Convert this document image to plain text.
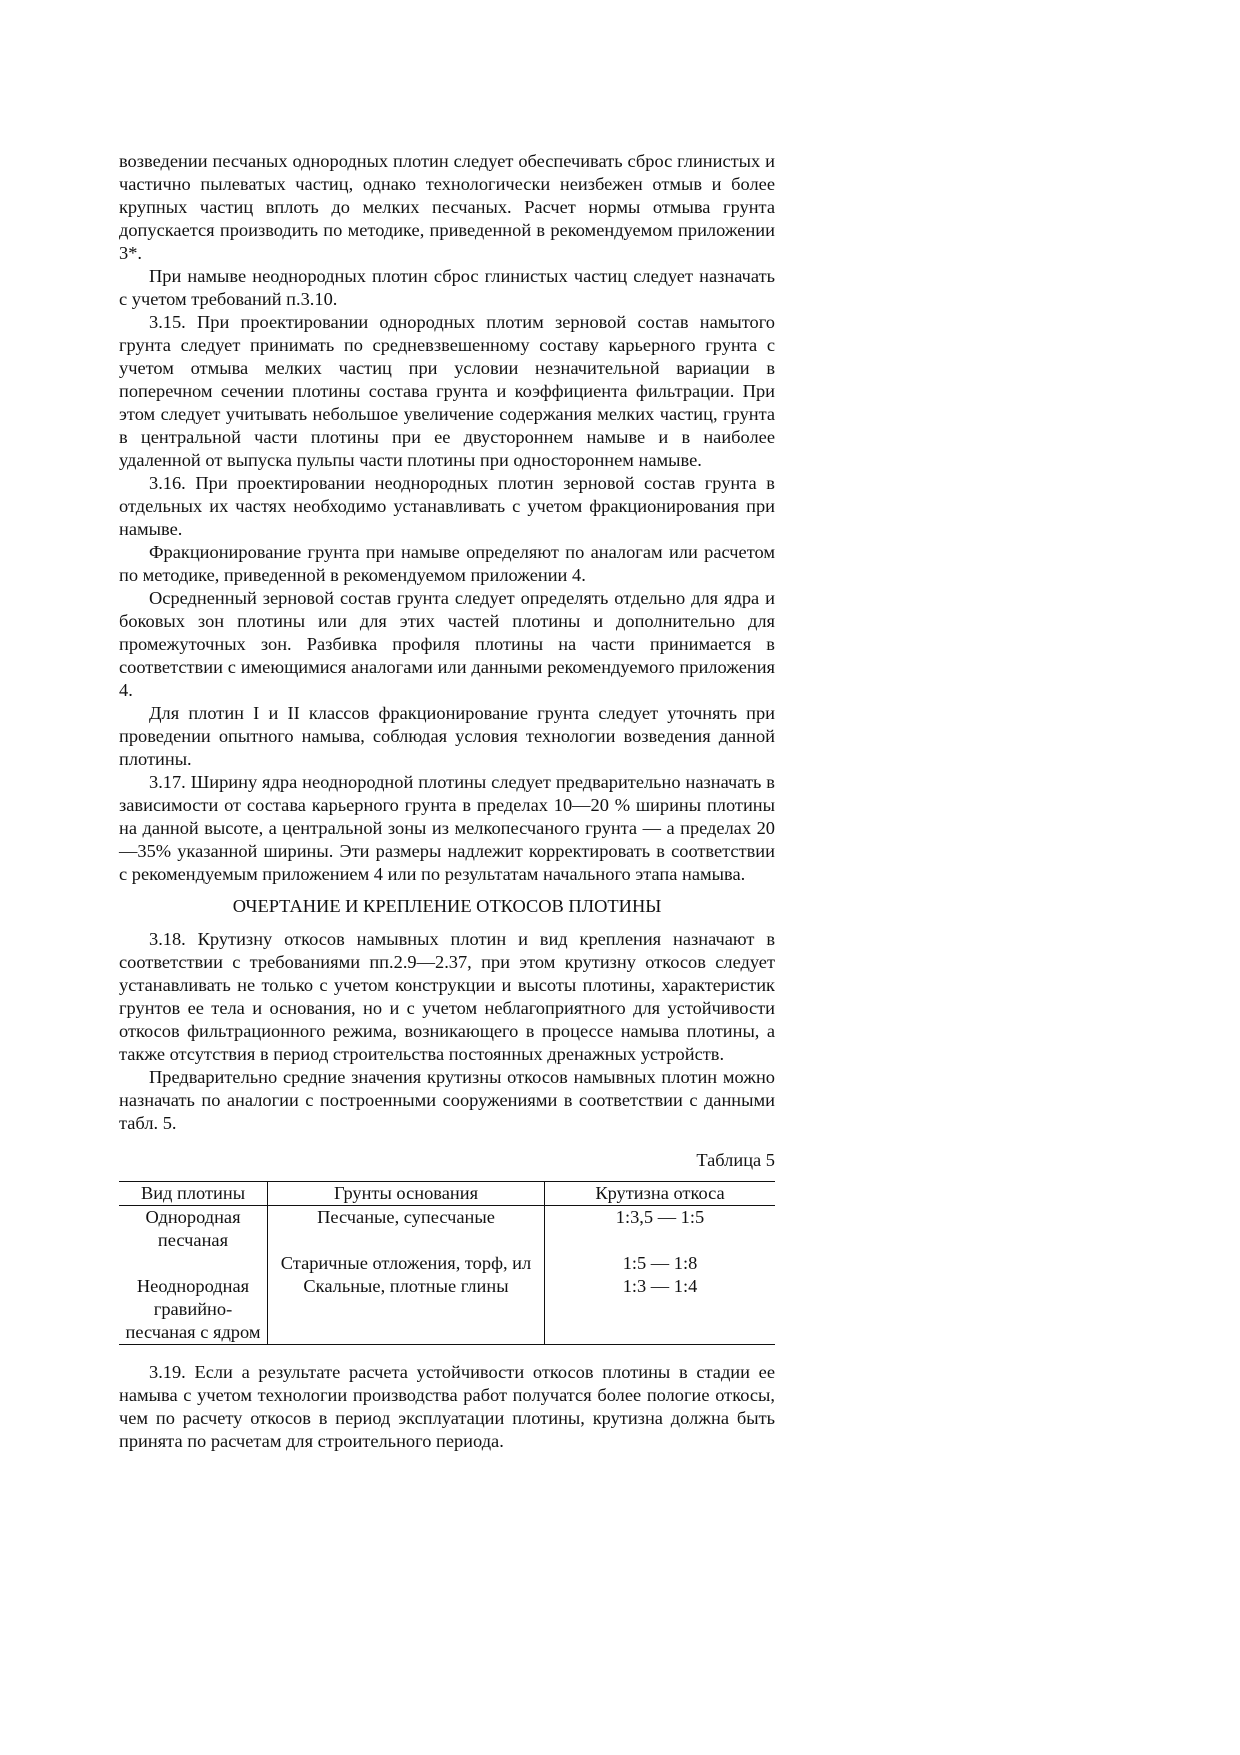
возведении песчаных однородных плотин следует обеспечивать сброс глинистых и частично пылеватых частиц, однако технологически неизбежен отмыв и более крупных частиц вплоть до мелких песчаных. Расчет нормы отмыва грунта допускается производить по методике, приведенной в рекомендуемом приложении 3*.

При намыве неоднородных плотин сброс глинистых частиц следует назначать с учетом требований п.3.10.

3.15. При проектировании однородных плотим зерновой состав намытого грунта следует принимать по средневзвешенному составу карьерного грунта с учетом отмыва мелких частиц при условии незначительной вариации в поперечном сечении плотины состава грунта и коэффициента фильтрации. При этом следует учитывать небольшое увеличение содержания мелких частиц, грунта в центральной части плотины при ее двустороннем намыве и в наиболее удаленной от выпуска пульпы части плотины при одностороннем намыве.

3.16. При проектировании неоднородных плотин зерновой состав грунта в отдельных их частях необходимо устанавливать с учетом фракционирования при намыве.

Фракционирование грунта при намыве определяют по аналогам или расчетом по методике, приведенной в рекомендуемом приложении 4.

Осредненный зерновой состав грунта следует определять отдельно для ядра и боковых зон плотины или для этих частей плотины и дополнительно для промежуточных зон. Разбивка профиля плотины на части принимается в соответствии с имеющимися аналогами или данными рекомендуемого приложения 4.

Для плотин I и II классов фракционирование грунта следует уточнять при проведении опытного намыва, соблюдая условия технологии возведения данной плотины.

3.17. Ширину ядра неоднородной плотины следует предварительно назначать в зависимости от состава карьерного грунта в пределах 10—20 % ширины плотины на данной высоте, а центральной зоны из мелкопесчаного грунта — а пределах 20—35% указанной ширины. Эти размеры надлежит корректировать в соответствии с рекомендуемым приложением 4 или по результатам начального этапа намыва.

ОЧЕРТАНИЕ И КРЕПЛЕНИЕ ОТКОСОВ ПЛОТИНЫ

3.18. Крутизну откосов намывных плотин и вид крепления назначают в соответствии с требованиями пп.2.9—2.37, при этом крутизну откосов следует устанавливать не только с учетом конструкции и высоты плотины, характеристик грунтов ее тела и основания, но и с учетом неблагоприятного для устойчивости откосов фильтрационного режима, возникающего в процессе намыва плотины, а также отсутствия в период строительства постоянных дренажных устройств.

Предварительно средние значения крутизны откосов намывных плотин можно назначать по аналогии с построенными сооружениями в соответствии с данными табл. 5.

Таблица 5

Вид плотины	Грунты основания	Крутизна откоса
Однородная песчаная	Песчаные, супесчаные	1:3,5 — 1:5
	Старичные отложения, торф, ил	1:5 — 1:8
Неоднородная гравийно-песчаная с ядром	Скальные, плотные глины	1:3 — 1:4

3.19. Если а результате расчета устойчивости откосов плотины в стадии ее намыва с учетом технологии производства работ получатся более пологие откосы, чем по расчету откосов в период эксплуатации плотины, крутизна должна быть принята по расчетам для строительного периода.
